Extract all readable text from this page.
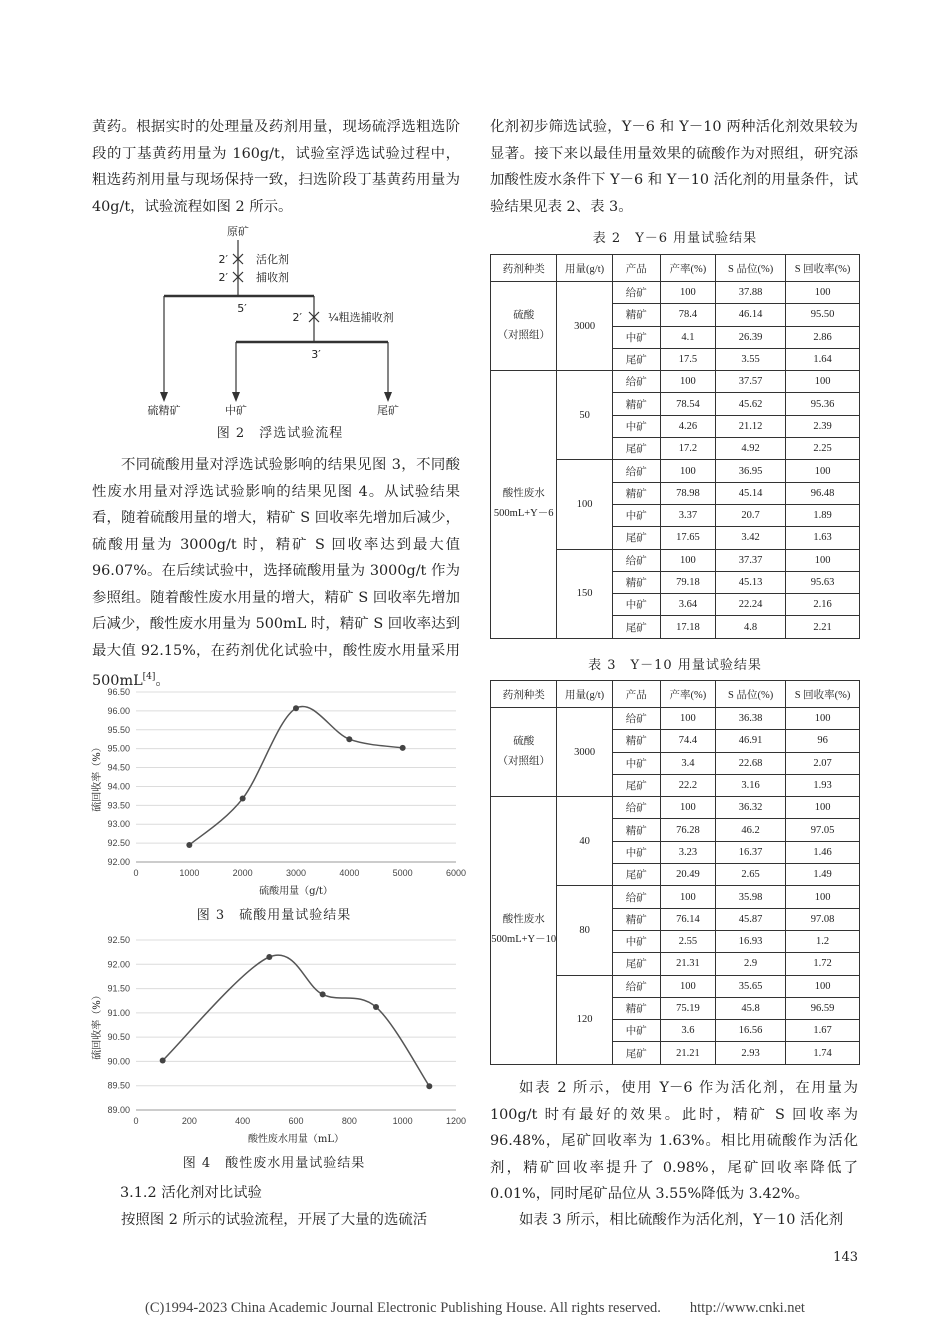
黄药。根据实时的处理量及药剂用量，现场硫浮选粗选阶段的丁基黄药用量为 160g/t，试验室浮选试验过程中，粗选药剂用量与现场保持一致，扫选阶段丁基黄药用量为 40g/t，试验流程如图 2 所示。
原矿
2′	活化剂
2′	捕收剂
5′
2′ ¼粗选捕收剂
3′
硫精矿	中矿	尾矿
图 2　浮选试验流程
不同硫酸用量对浮选试验影响的结果见图 3，不同酸性废水用量对浮选试验影响的结果见图 4。从试验结果看，随着硫酸用量的增大，精矿 S 回收率先增加后减少，硫酸用量为 3000g/t 时，精矿 S 回收率达到最大值 96.07%。在后续试验中，选择硫酸用量为 3000g/t 作为参照组。随着酸性废水用量的增大，精矿 S 回收率先增加后减少，酸性废水用量为 500mL 时，精矿 S 回收率达到最大值 92.15%，在药剂优化试验中，酸性废水用量采用 500mL[4]。
92.00
92.50
93.00
93.50
94.00
94.50
95.00
95.50
96.00
96.50
0	1000	2000	3000	4000	5000	6000
硫酸用量（g/t）
硫回收率（%）
图 3　硫酸用量试验结果
89.00
89.50
90.00
90.50
91.00
91.50
92.00
92.50
0	200	400	600	800	1000	1200
酸性废水用量（mL）
硫回收率（%）
图 4　酸性废水用量试验结果
3.1.2 活化剂对比试验
按照图 2 所示的试验流程，开展了大量的选硫活
化剂初步筛选试验，Y－6 和 Y－10 两种活化剂效果较为显著。接下来以最佳用量效果的硫酸作为对照组，研究添加酸性废水条件下 Y－6 和 Y－10 活化剂的用量条件，试验结果见表 2、表 3。
表 2　Y－6 用量试验结果
药剂种类	用量(g/t)	产品	产率(%)	S 品位(%)	S 回收率(%)

硫酸
（对照组）	3000	给矿	100	37.88	100
		精矿	78.4	46.14	95.50
		中矿	4.1	26.39	2.86
		尾矿	17.5	3.55	1.64

酸性废水
500mL+Y－6	50	给矿	100	37.57	100
		精矿	78.54	45.62	95.36
		中矿	4.26	21.12	2.39
		尾矿	17.2	4.92	2.25
	100	给矿	100	36.95	100
		精矿	78.98	45.14	96.48
		中矿	3.37	20.7	1.89
		尾矿	17.65	3.42	1.63
	150	给矿	100	37.37	100
		精矿	79.18	45.13	95.63
		中矿	3.64	22.24	2.16
		尾矿	17.18	4.8	2.21
表 3　Y－10 用量试验结果
药剂种类	用量(g/t)	产品	产率(%)	S 品位(%)	S 回收率(%)

硫酸
（对照组）	3000	给矿	100	36.38	100
		精矿	74.4	46.91	96
		中矿	3.4	22.68	2.07
		尾矿	22.2	3.16	1.93

酸性废水
500mL+Y－10	40	给矿	100	36.32	100
		精矿	76.28	46.2	97.05
		中矿	3.23	16.37	1.46
		尾矿	20.49	2.65	1.49
	80	给矿	100	35.98	100
		精矿	76.14	45.87	97.08
		中矿	2.55	16.93	1.2
		尾矿	21.31	2.9	1.72
	120	给矿	100	35.65	100
		精矿	75.19	45.8	96.59
		中矿	3.6	16.56	1.67
		尾矿	21.21	2.93	1.74
如表 2 所示，使用 Y－6 作为活化剂，在用量为 100g/t 时有最好的效果。此时，精矿 S 回收率为 96.48%，尾矿回收率为 1.63%。相比用硫酸作为活化剂，精矿回收率提升了 0.98%，尾矿回收率降低了 0.01%，同时尾矿品位从 3.55%降低为 3.42%。
如表 3 所示，相比硫酸作为活化剂，Y－10 活化剂
143
(C)1994-2023 China Academic Journal Electronic Publishing House. All rights reserved.　　http://www.cnki.net
